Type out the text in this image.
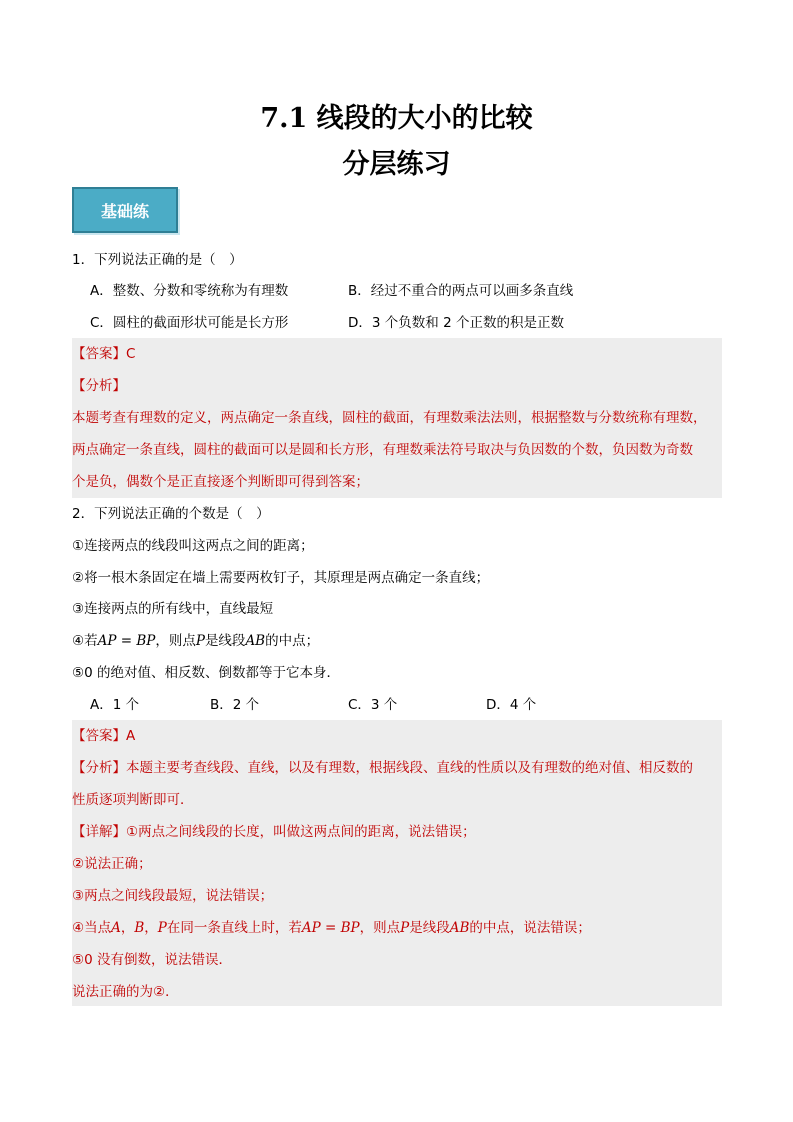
7.1 线段的大小的比较
分层练习
基础练
1．下列说法正确的是（　）
A．整数、分数和零统称为有理数	B．经过不重合的两点可以画多条直线
C．圆柱的截面形状可能是长方形	D．3 个负数和 2 个正数的积是正数
【答案】C
【分析】
本题考查有理数的定义，两点确定一条直线，圆柱的截面，有理数乘法法则，根据整数与分数统称有理数，
两点确定一条直线，圆柱的截面可以是圆和长方形，有理数乘法符号取决与负因数的个数，负因数为奇数
个是负，偶数个是正直接逐个判断即可得到答案；
2．下列说法正确的个数是（　）
①连接两点的线段叫这两点之间的距离；
②将一根木条固定在墙上需要两枚钉子，其原理是两点确定一条直线；
③连接两点的所有线中，直线最短
④若AP = BP，则点P是线段AB的中点；
⑤0 的绝对值、相反数、倒数都等于它本身．
A．1 个	B．2 个	C．3 个	D．4 个
【答案】A
【分析】本题主要考查线段、直线，以及有理数，根据线段、直线的性质以及有理数的绝对值、相反数的
性质逐项判断即可．
【详解】①两点之间线段的长度，叫做这两点间的距离，说法错误；
②说法正确；
③两点之间线段最短，说法错误；
④当点A，B，P在同一条直线上时，若AP = BP，则点P是线段AB的中点，说法错误；
⑤0 没有倒数，说法错误．
说法正确的为②．
